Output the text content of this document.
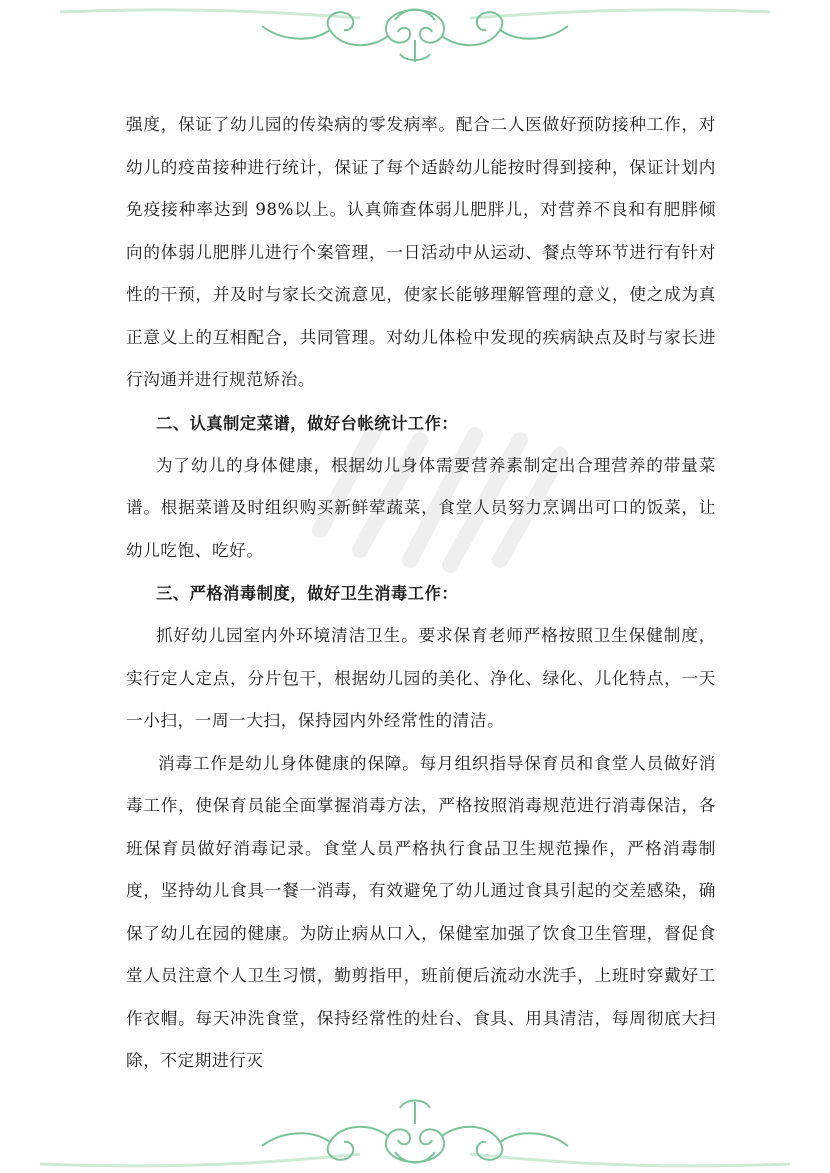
强度，保证了幼儿园的传染病的零发病率。配合二人医做好预防接种工作，对幼儿的疫苗接种进行统计，保证了每个适龄幼儿能按时得到接种，保证计划内免疫接种率达到 98%以上。认真筛查体弱儿肥胖儿，对营养不良和有肥胖倾向的体弱儿肥胖儿进行个案管理，一日活动中从运动、餐点等环节进行有针对性的干预，并及时与家长交流意见，使家长能够理解管理的意义，使之成为真正意义上的互相配合，共同管理。对幼儿体检中发现的疾病缺点及时与家长进行沟通并进行规范矫治。

二、认真制定菜谱，做好台帐统计工作：

为了幼儿的身体健康，根据幼儿身体需要营养素制定出合理营养的带量菜谱。根据菜谱及时组织购买新鲜荤蔬菜，食堂人员努力烹调出可口的饭菜，让幼儿吃饱、吃好。

三、严格消毒制度，做好卫生消毒工作：

抓好幼儿园室内外环境清洁卫生。要求保育老师严格按照卫生保健制度，实行定人定点，分片包干，根据幼儿园的美化、净化、绿化、儿化特点，一天一小扫，一周一大扫，保持园内外经常性的清洁。

消毒工作是幼儿身体健康的保障。每月组织指导保育员和食堂人员做好消毒工作，使保育员能全面掌握消毒方法，严格按照消毒规范进行消毒保洁，各班保育员做好消毒记录。食堂人员严格执行食品卫生规范操作，严格消毒制度，坚持幼儿食具一餐一消毒，有效避免了幼儿通过食具引起的交差感染，确保了幼儿在园的健康。为防止病从口入，保健室加强了饮食卫生管理，督促食堂人员注意个人卫生习惯，勤剪指甲，班前便后流动水洗手，上班时穿戴好工作衣帽。每天冲洗食堂，保持经常性的灶台、食具、用具清洁，每周彻底大扫除，不定期进行灭
